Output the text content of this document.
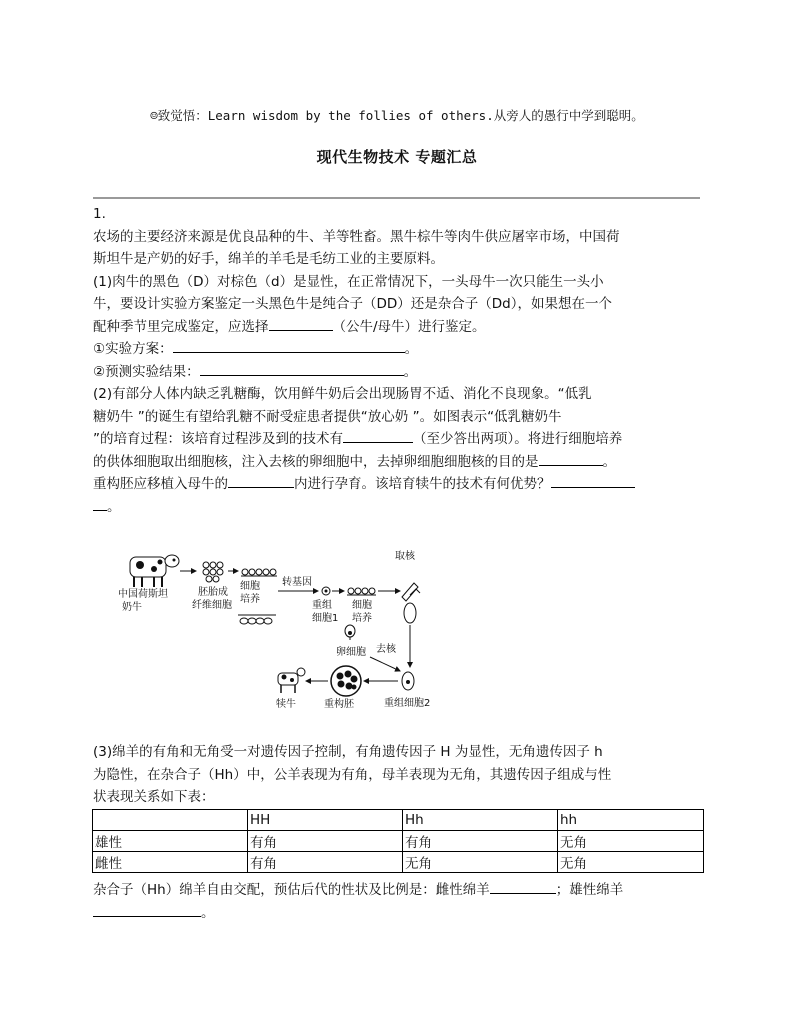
☺致觉悟：Learn wisdom by the follies of others.从旁人的愚行中学到聪明。
现代生物技术 专题汇总

1.

农场的主要经济来源是优良品种的牛、羊等牲畜。黑牛棕牛等肉牛供应屠宰市场，中国荷

斯坦牛是产奶的好手，绵羊的羊毛是毛纺工业的主要原料。

(1)肉牛的黑色（D）对棕色（d）是显性，在正常情况下，一头母牛一次只能生一头小

牛，要设计实验方案鉴定一头黑色牛是纯合子（DD）还是杂合子（Dd），如果想在一个

配种季节里完成鉴定，应选择	（公牛/母牛）进行鉴定。

①实验方案：	。

②预测实验结果：	。

(2)有部分人体内缺乏乳糖酶，饮用鲜牛奶后会出现肠胃不适、消化不良现象。“低乳

糖奶牛 ”的诞生有望给乳糖不耐受症患者提供“放心奶 ”。如图表示“低乳糖奶牛

”的培育过程：该培育过程涉及到的技术有	（至少答出两项）。将进行细胞培养

的供体细胞取出细胞核，注入去核的卵细胞中，去掉卵细胞细胞核的目的是	。

重构胚应移植入母牛的	内进行孕育。该培育犊牛的技术有何优势？

。

中国荷斯坦
奶牛
胚胎成
纤维细胞
细胞
培养
转基因
重组
细胞1
细胞
培养
取核
卵细胞 去核
重组细胞2
重构胚
犊牛

(3)绵羊的有角和无角受一对遗传因子控制，有角遗传因子 H 为显性，无角遗传因子 h

为隐性，在杂合子（Hh）中，公羊表现为有角，母羊表现为无角，其遗传因子组成与性

状表现关系如下表：

	HH	Hh	hh
雄性	有角	有角	无角
雌性	有角	无角	无角

杂合子（Hh）绵羊自由交配，预估后代的性状及比例是：雌性绵羊	；雄性绵羊

。
